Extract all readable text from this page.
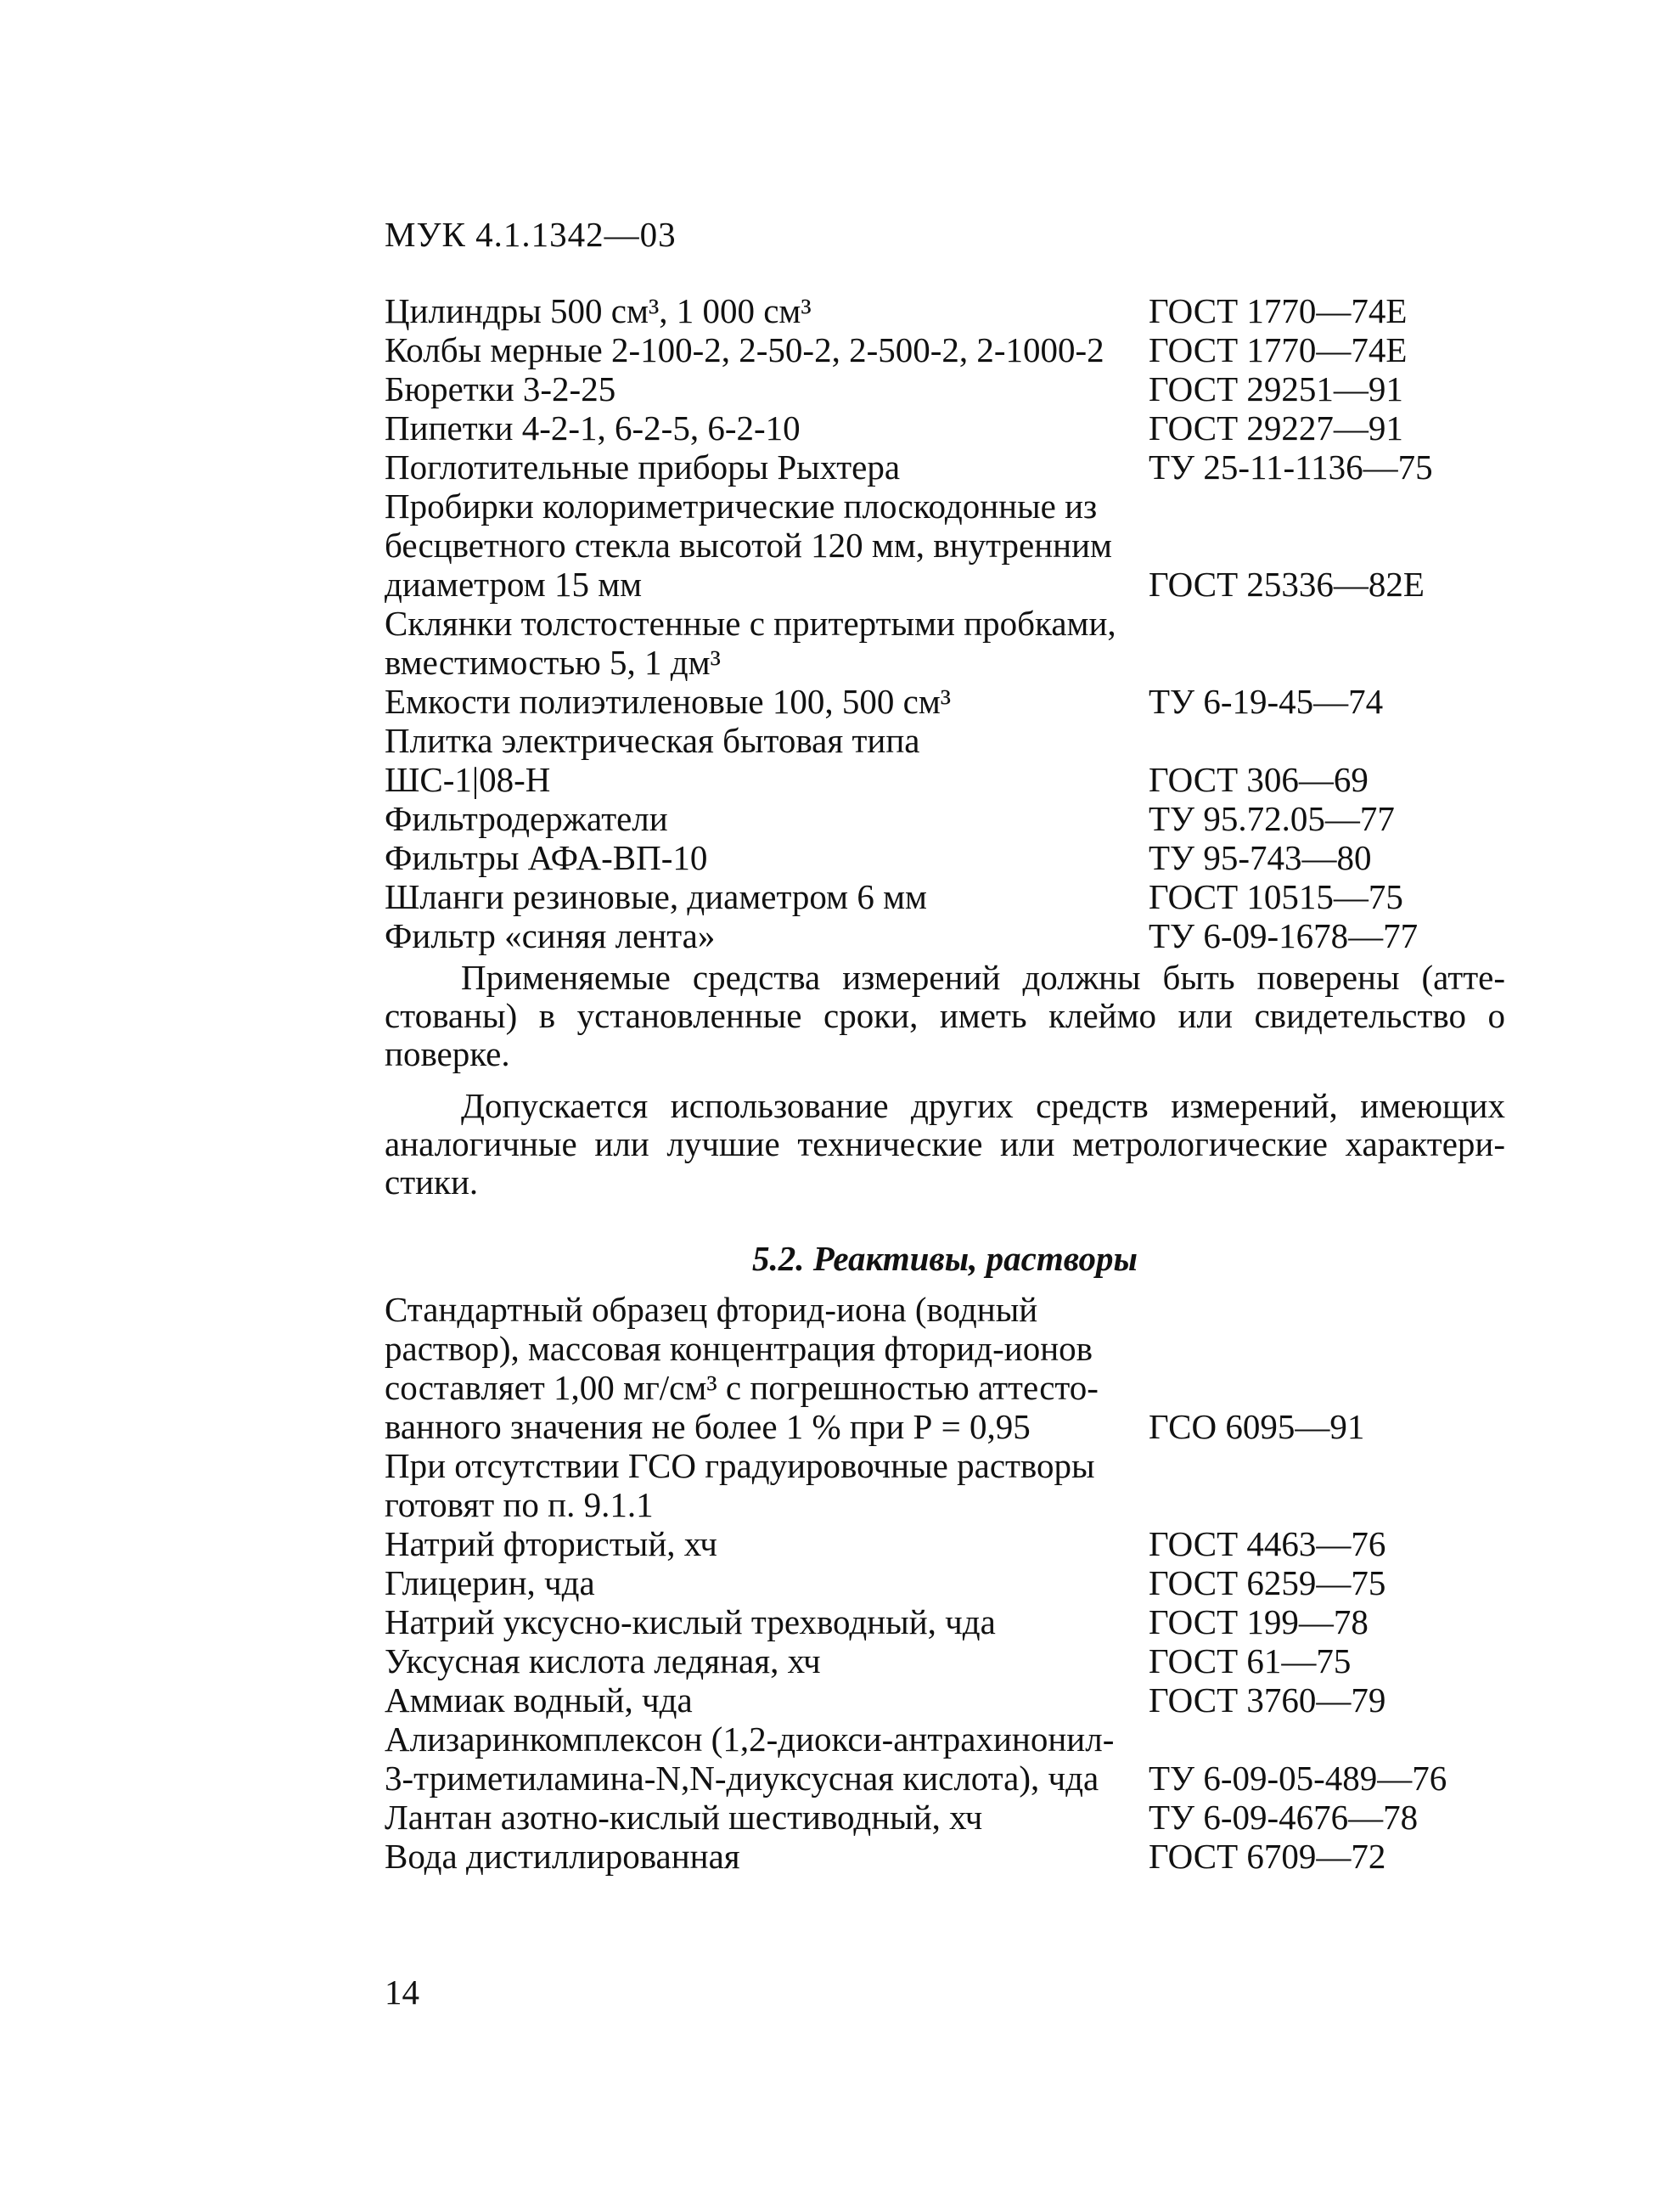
МУК 4.1.1342—03
Цилиндры 500 см³, 1 000 см³	ГОСТ 1770—74Е
Колбы мерные 2-100-2, 2-50-2, 2-500-2, 2-1000-2	ГОСТ 1770—74Е
Бюретки 3-2-25	ГОСТ 29251—91
Пипетки 4-2-1, 6-2-5, 6-2-10	ГОСТ 29227—91
Поглотительные приборы Рыхтера	ТУ 25-11-1136—75
Пробирки колориметрические плоскодонные из
бесцветного стекла высотой 120 мм, внутренним
диаметром 15 мм	ГОСТ 25336—82Е
Склянки толстостенные с притертыми пробками,
вместимостью 5, 1 дм³
Емкости полиэтиленовые 100, 500 см³	ТУ 6-19-45—74
Плитка электрическая бытовая типа
ШС-1|08-Н	ГОСТ 306—69
Фильтродержатели	ТУ 95.72.05—77
Фильтры АФА-ВП-10	ТУ 95-743—80
Шланги резиновые, диаметром 6 мм	ГОСТ 10515—75
Фильтр «синяя лента»	ТУ 6-09-1678—77

Применяемые средства измерений должны быть поверены (аттестованы) в установленные сроки, иметь клеймо или свидетельство о поверке.

Допускается использование других средств измерений, имеющих аналогичные или лучшие технические или метрологические характеристики.

5.2. Реактивы, растворы
Стандартный образец фторид-иона (водный
раствор), массовая концентрация фторид-ионов
составляет 1,00 мг/см³ с погрешностью аттесто-
ванного значения не более 1 % при Р = 0,95	ГСО 6095—91
При отсутствии ГСО градуировочные растворы
готовят по п. 9.1.1
Натрий фтористый, хч	ГОСТ 4463—76
Глицерин, чда	ГОСТ 6259—75
Натрий уксусно-кислый трехводный, чда	ГОСТ 199—78
Уксусная кислота ледяная, хч	ГОСТ 61—75
Аммиак водный, чда	ГОСТ 3760—79
Ализаринкомплексон (1,2-диокси-антрахинонил-
3-триметиламина-N,N-диуксусная кислота), чда	ТУ 6-09-05-489—76
Лантан азотно-кислый шестиводный, хч	ТУ 6-09-4676—78
Вода дистиллированная	ГОСТ 6709—72
14
